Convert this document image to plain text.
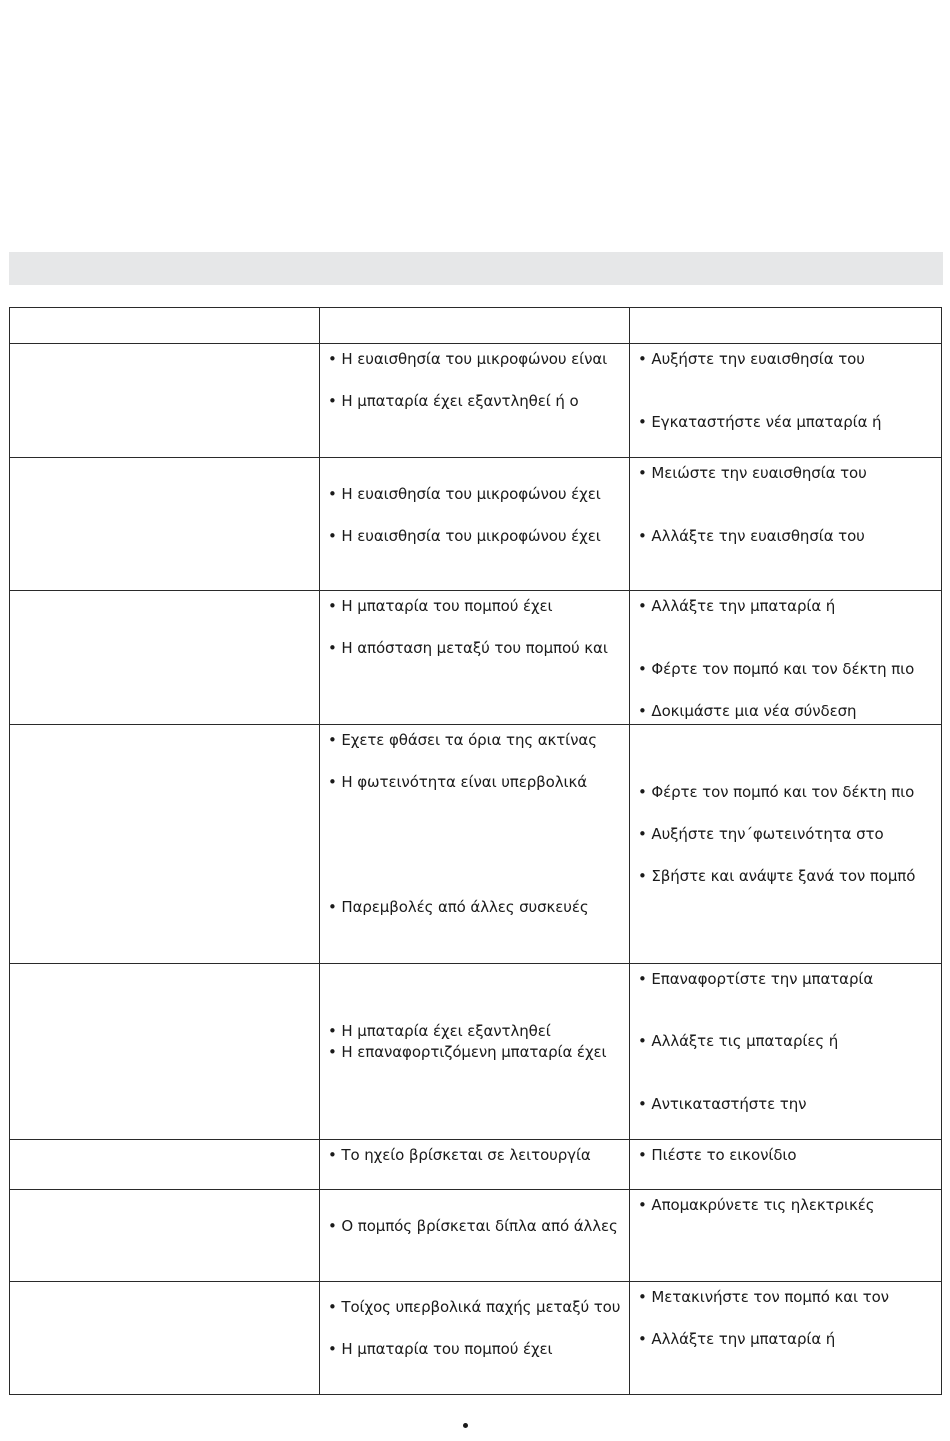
	• Η ευαισθησία του μικροφώνου είναι
• Η μπαταρία έχει εξαντληθεί ή ο	• Αυξήστε την ευαισθησία του
• Εγκαταστήστε νέα μπαταρία ή

	• Η ευαισθησία του μικροφώνου έχει
• Η ευαισθησία του μικροφώνου έχει	• Μειώστε την ευαισθησία του
• Αλλάξτε την ευαισθησία του

	• Η μπαταρία του πομπού έχει
• Η απόσταση μεταξύ του πομπού και	• Αλλάξτε την μπαταρία ή
• Φέρτε τον πομπό και τον δέκτη πιο
• Δοκιμάστε μια νέα σύνδεση

	• Εχετε φθάσει τα όρια της ακτίνας
• Η φωτεινότητα είναι υπερβολικά
• Παρεμβολές από άλλες συσκευές	• Φέρτε τον πομπό και τον δέκτη πιο
• Αυξήστε την΄φωτεινότητα στο
• Σβήστε και ανάψτε ξανά τον πομπό

	• Η μπαταρία έχει εξαντληθεί
• Η επαναφορτιζόμενη μπαταρία έχει	• Επαναφορτίστε την μπαταρία
• Αλλάξτε τις μπαταρίες ή
• Αντικαταστήστε την

	• Το ηχείο βρίσκεται σε λειτουργία	• Πιέστε το εικονίδιο

	• Ο πομπός βρίσκεται δίπλα από άλλες	• Απομακρύνετε τις ηλεκτρικές

	• Τοίχος υπερβολικά παχής μεταξύ του
• Η μπαταρία του πομπού έχει	• Μετακινήστε τον πομπό και τον
• Αλλάξτε την μπαταρία ή
